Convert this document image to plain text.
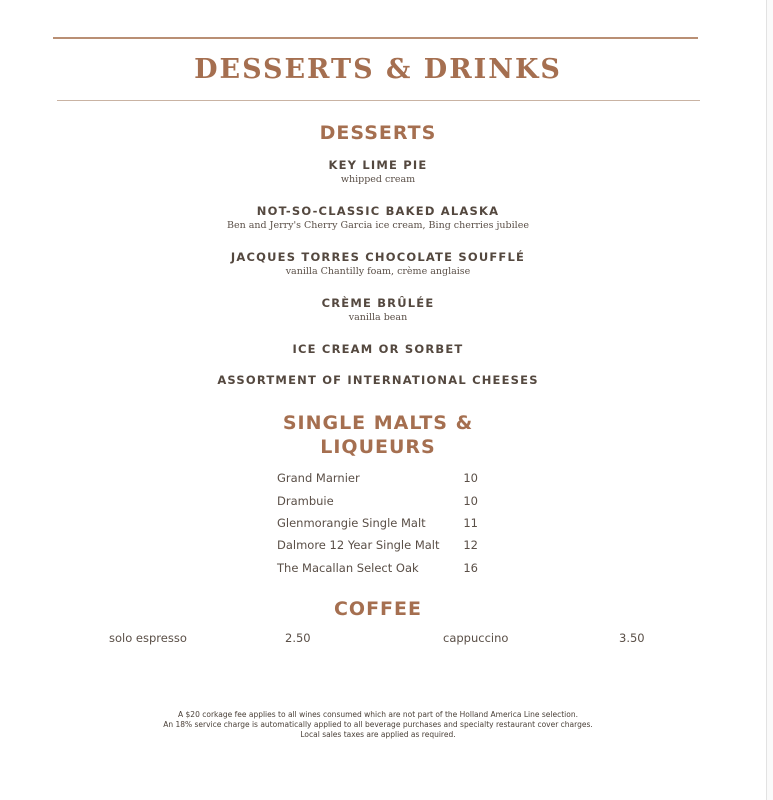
DESSERTS & DRINKS
DESSERTS
KEY LIME PIE
whipped cream
NOT-SO-CLASSIC BAKED ALASKA
Ben and Jerry's Cherry Garcia ice cream, Bing cherries jubilee
JACQUES TORRES CHOCOLATE SOUFFLÉ
vanilla Chantilly foam, crème anglaise
CRÈME BRÛLÉE
vanilla bean
ICE CREAM OR SORBET
ASSORTMENT OF INTERNATIONAL CHEESES
SINGLE MALTS &
LIQUEURS
Grand Marnier	10
Drambuie	10
Glenmorangie Single Malt	11
Dalmore 12 Year Single Malt 12
The Macallan Select Oak	16
COFFEE
solo espresso	2.50	cappuccino	3.50
A $20 corkage fee applies to all wines consumed which are not part of the Holland America Line selection.
An 18% service charge is automatically applied to all beverage purchases and specialty restaurant cover charges.
Local sales taxes are applied as required.
